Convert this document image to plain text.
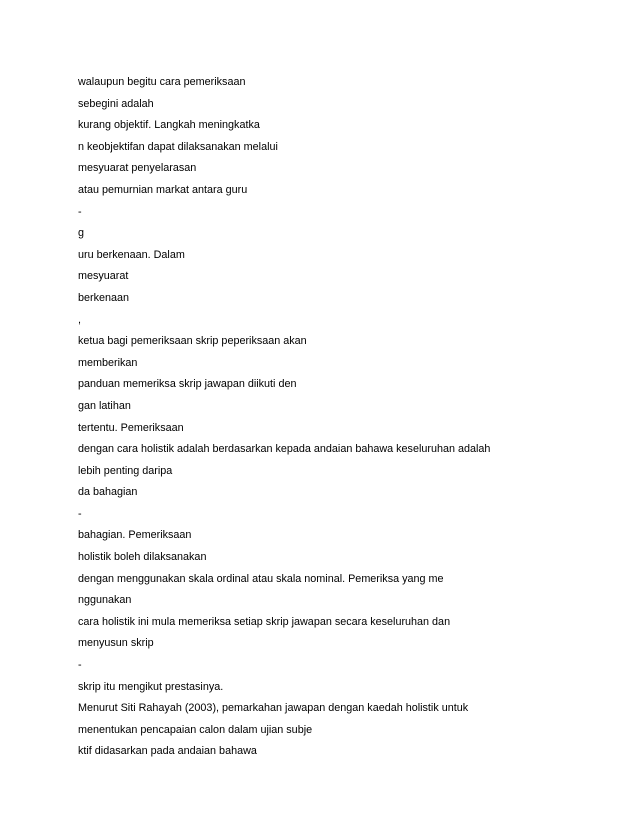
walaupun begitu cara pemeriksaan
sebegini adalah
kurang objektif. Langkah meningkatka
n keobjektifan dapat dilaksanakan melalui
mesyuarat penyelarasan
atau pemurnian markat antara guru
-
g
uru berkenaan. Dalam
mesyuarat
berkenaan
,
ketua bagi pemeriksaan skrip peperiksaan akan
memberikan
panduan memeriksa skrip jawapan diikuti den
gan latihan
tertentu. Pemeriksaan
dengan cara holistik adalah berdasarkan kepada andaian bahawa keseluruhan adalah
lebih penting daripa
da bahagian
-
bahagian. Pemeriksaan
holistik boleh dilaksanakan
dengan menggunakan skala ordinal atau skala nominal. Pemeriksa yang me
nggunakan
cara holistik ini mula memeriksa setiap skrip jawapan secara keseluruhan dan
menyusun skrip
-
skrip itu mengikut prestasinya.
Menurut Siti Rahayah (2003), pemarkahan jawapan dengan kaedah holistik untuk
menentukan pencapaian calon dalam ujian subje
ktif didasarkan pada andaian bahawa
